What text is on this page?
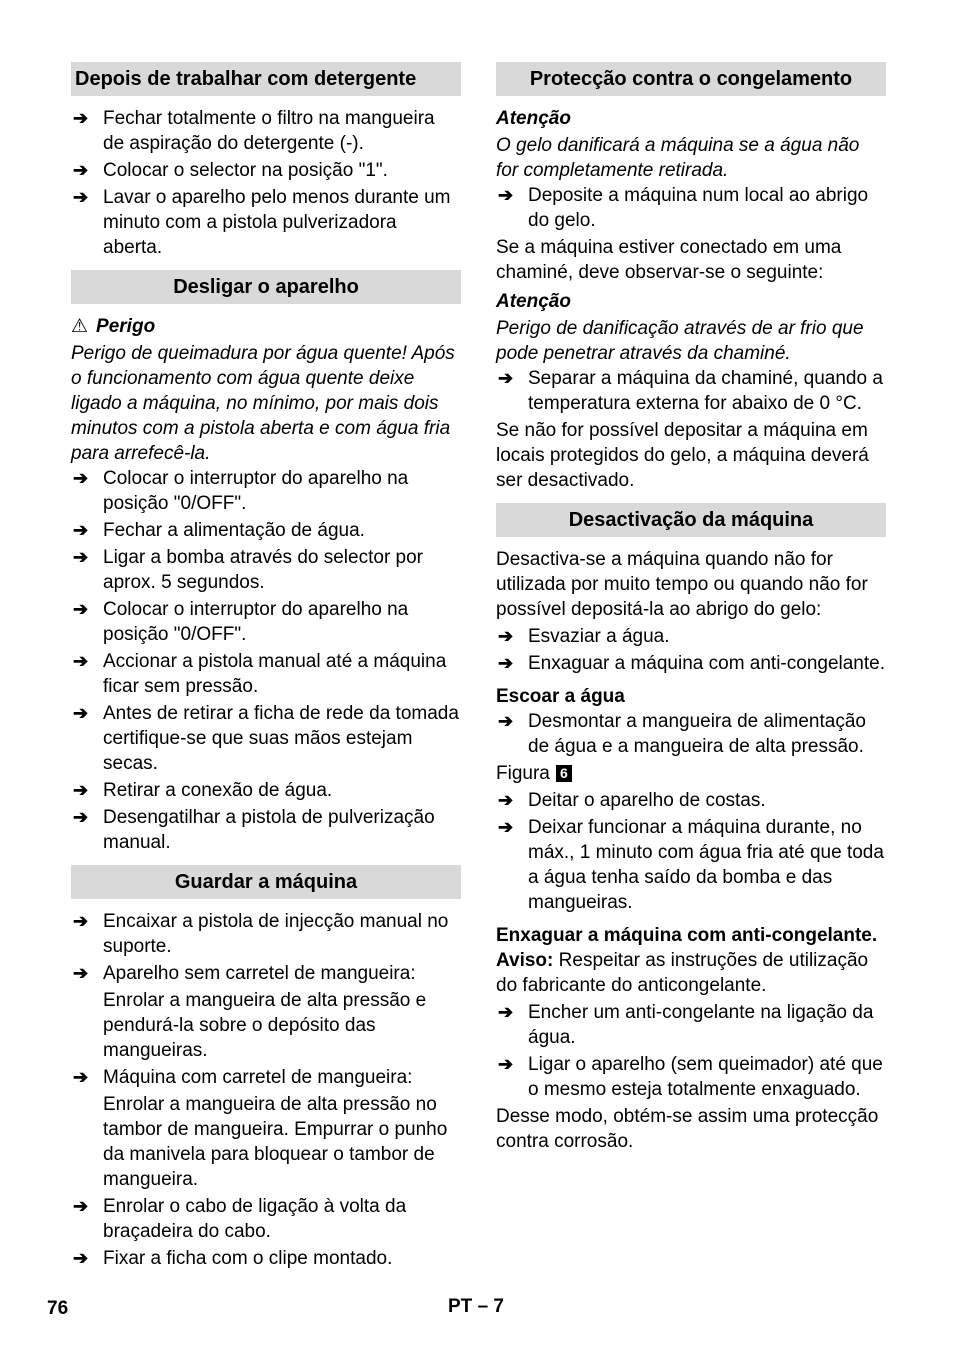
Depois de trabalhar com detergente
➔ Fechar totalmente o filtro na mangueira de aspiração do detergente (-).
➔ Colocar o selector na posição "1".
➔ Lavar o aparelho pelo menos durante um minuto com a pistola pulverizadora aberta.
Desligar o aparelho
⚠ Perigo
Perigo de queimadura por água quente! Após o funcionamento com água quente deixe ligado a máquina, no mínimo, por mais dois minutos com a pistola aberta e com água fria para arrefecê-la.
➔ Colocar o interruptor do aparelho na posição "0/OFF".
➔ Fechar a alimentação de água.
➔ Ligar a bomba através do selector por aprox. 5 segundos.
➔ Colocar o interruptor do aparelho na posição "0/OFF".
➔ Accionar a pistola manual até a máquina ficar sem pressão.
➔ Antes de retirar a ficha de rede da tomada certifique-se que suas mãos estejam secas.
➔ Retirar a conexão de água.
➔ Desengatilhar a pistola de pulverização manual.
Guardar a máquina
➔ Encaixar a pistola de injecção manual no suporte.
➔ Aparelho sem carretel de mangueira:
Enrolar a mangueira de alta pressão e pendurá-la sobre o depósito das mangueiras.
➔ Máquina com carretel de mangueira:
Enrolar a mangueira de alta pressão no tambor de mangueira. Empurrar o punho da manivela para bloquear o tambor de mangueira.
➔ Enrolar o cabo de ligação à volta da braçadeira do cabo.
➔ Fixar a ficha com o clipe montado.
Protecção contra o congelamento
Atenção
O gelo danificará a máquina se a água não for completamente retirada.
➔ Deposite a máquina num local ao abrigo do gelo.
Se a máquina estiver conectado em uma chaminé, deve observar-se o seguinte:
Atenção
Perigo de danificação através de ar frio que pode penetrar através da chaminé.
➔ Separar a máquina da chaminé, quando a temperatura externa for abaixo de 0 °C.
Se não for possível depositar a máquina em locais protegidos do gelo, a máquina deverá ser desactivado.
Desactivação da máquina
Desactiva-se a máquina quando não for utilizada por muito tempo ou quando não for possível depositá-la ao abrigo do gelo:
➔ Esvaziar a água.
➔ Enxaguar a máquina com anti-congelante.
Escoar a água
➔ Desmontar a mangueira de alimentação de água e a mangueira de alta pressão.
Figura 6
➔ Deitar o aparelho de costas.
➔ Deixar funcionar a máquina durante, no máx., 1 minuto com água fria até que toda a água tenha saído da bomba e das mangueiras.
Enxaguar a máquina com anti-congelante.
Aviso: Respeitar as instruções de utilização do fabricante do anticongelante.
➔ Encher um anti-congelante na ligação da água.
➔ Ligar o aparelho (sem queimador) até que o mesmo esteja totalmente enxaguado.
Desse modo, obtém-se assim uma protecção contra corrosão.
76	PT – 7
